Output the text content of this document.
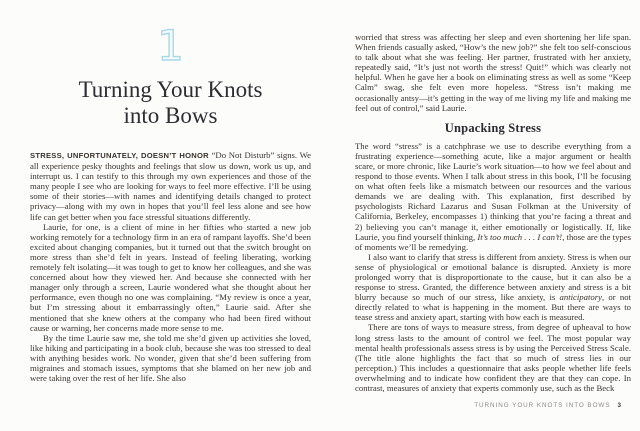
1
Turning Your Knots
into Bows

STRESS, UNFORTUNATELY, DOESN’T HONOR “Do Not Disturb” signs. We all experience pesky thoughts and feelings that slow us down, work us up, and interrupt us. I can testify to this through my own experiences and those of the many people I see who are looking for ways to feel more effective. I’ll be using some of their stories—with names and identifying details changed to protect privacy—along with my own in hopes that you’ll feel less alone and see how life can get better when you face stressful situations differently.

Laurie, for one, is a client of mine in her fifties who started a new job working remotely for a technology firm in an era of rampant layoffs. She’d been excited about changing companies, but it turned out that the switch brought on more stress than she’d felt in years. Instead of feeling liberating, working remotely felt isolating—it was tough to get to know her colleagues, and she was concerned about how they viewed her. And because she connected with her manager only through a screen, Laurie wondered what she thought about her performance, even though no one was complaining. “My review is once a year, but I’m stressing about it embarrassingly often,” Laurie said. After she mentioned that she knew others at the company who had been fired without cause or warning, her concerns made more sense to me.

By the time Laurie saw me, she told me she’d given up activities she loved, like hiking and participating in a book club, because she was too stressed to deal with anything besides work. No wonder, given that she’d been suffering from migraines and stomach issues, symptoms that she blamed on her new job and were taking over the rest of her life. She also

worried that stress was affecting her sleep and even shortening her life span. When friends casually asked, “How’s the new job?” she felt too self-conscious to talk about what she was feeling. Her partner, frustrated with her anxiety, repeatedly said, “It’s just not worth the stress! Quit!” which was clearly not helpful. When he gave her a book on eliminating stress as well as some “Keep Calm” swag, she felt even more hopeless. “Stress isn’t making me occasionally antsy—it’s getting in the way of me living my life and making me feel out of control,” said Laurie.

Unpacking Stress

The word “stress” is a catchphrase we use to describe everything from a frustrating experience—something acute, like a major argument or health scare, or more chronic, like Laurie’s work situation—to how we feel about and respond to those events. When I talk about stress in this book, I’ll be focusing on what often feels like a mismatch between our resources and the various demands we are dealing with. This explanation, first described by psychologists Richard Lazarus and Susan Folkman at the University of California, Berkeley, encompasses 1) thinking that you’re facing a threat and 2) believing you can’t manage it, either emotionally or logistically. If, like Laurie, you find yourself thinking, It’s too much . . . I can’t!, those are the types of moments we’ll be remedying.

I also want to clarify that stress is different from anxiety. Stress is when our sense of physiological or emotional balance is disrupted. Anxiety is more prolonged worry that is disproportionate to the cause, but it can also be a response to stress. Granted, the difference between anxiety and stress is a bit blurry because so much of our stress, like anxiety, is anticipatory, or not directly related to what is happening in the moment. But there are ways to tease stress and anxiety apart, starting with how each is measured.

There are tons of ways to measure stress, from degree of upheaval to how long stress lasts to the amount of control we feel. The most popular way mental health professionals assess stress is by using the Perceived Stress Scale. (The title alone highlights the fact that so much of stress lies in our perception.) This includes a questionnaire that asks people whether life feels overwhelming and to indicate how confident they are that they can cope. In contrast, measures of anxiety that experts commonly use, such as the Beck

TURNING YOUR KNOTS INTO BOWS 3
